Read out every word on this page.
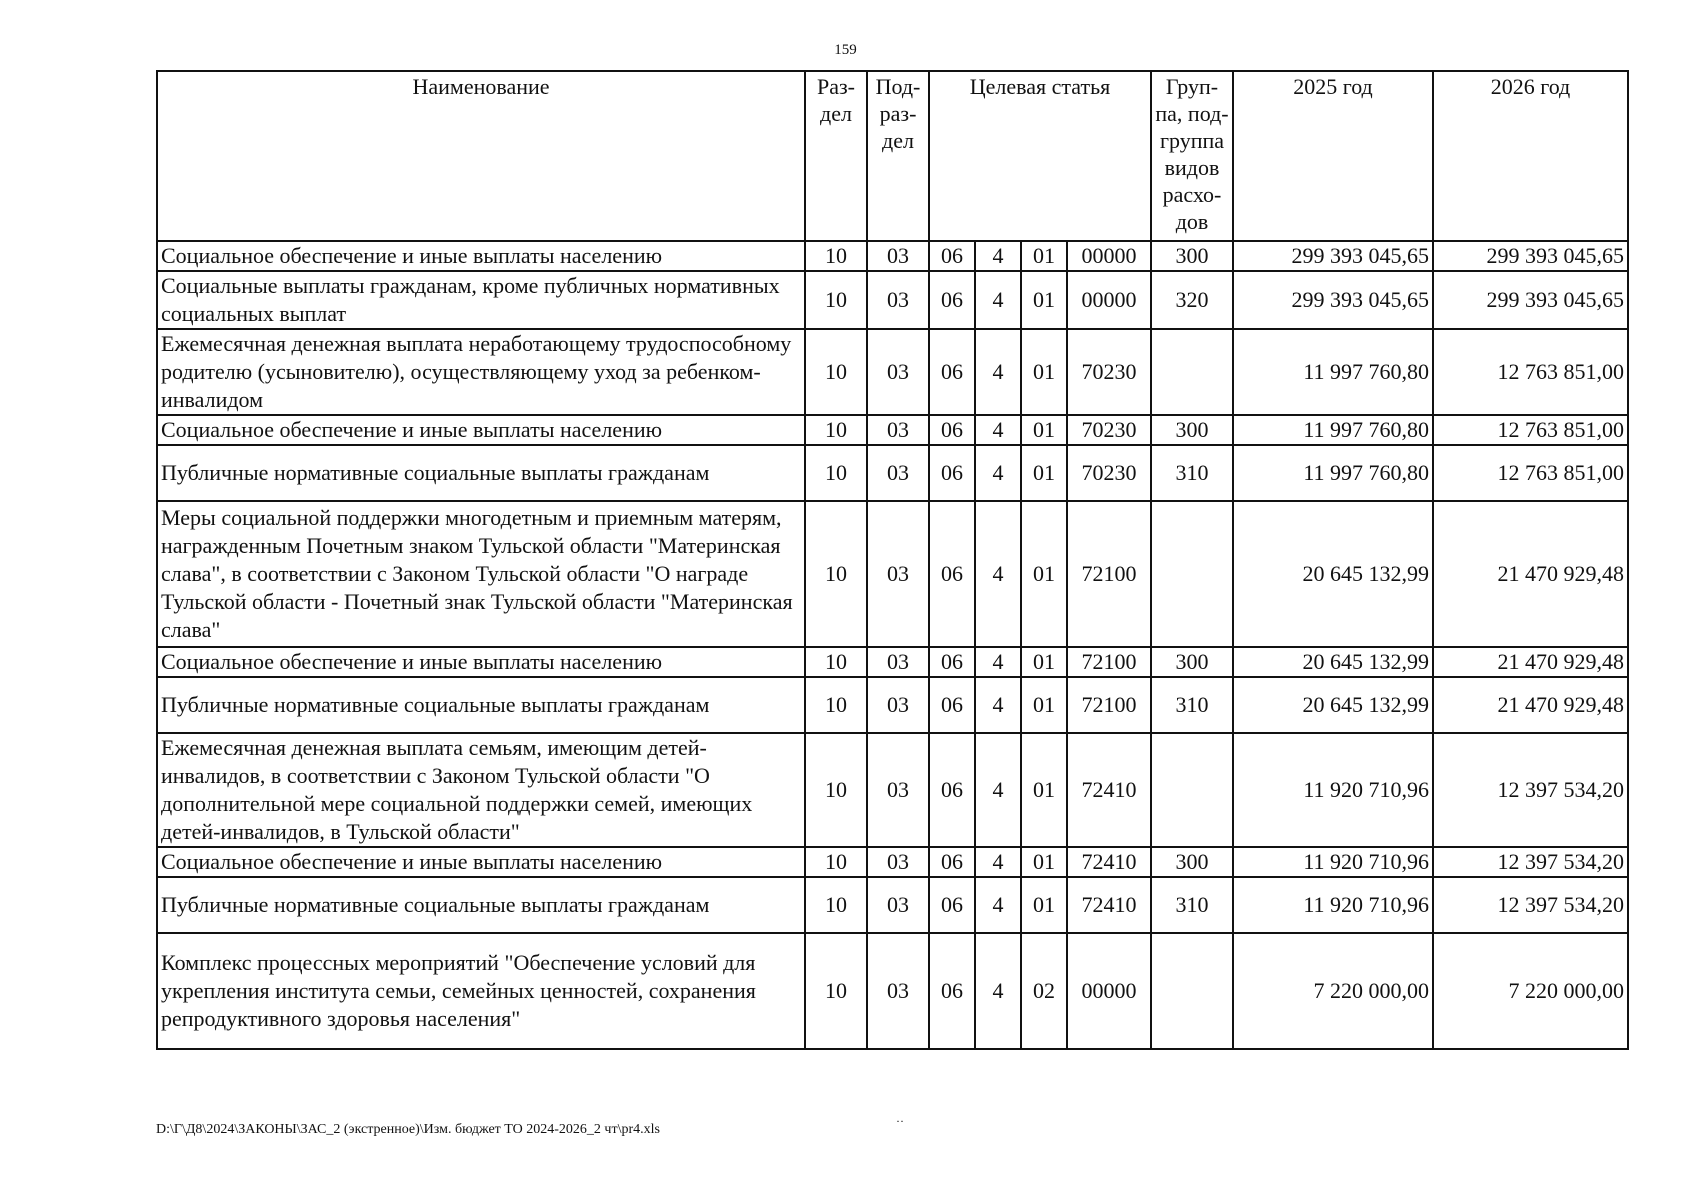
159
Наименование	Раз-дел	Под-раз-дел	Целевая статья				Груп-па, под-группа видов расхо-дов	2025 год	2026 год
Социальное обеспечение и иные выплаты населению	10	03	06	4	01	00000	300	299 393 045,65	299 393 045,65
Социальные выплаты гражданам, кроме публичных нормативных социальных выплат	10	03	06	4	01	00000	320	299 393 045,65	299 393 045,65
Ежемесячная денежная выплата неработающему трудоспособному родителю (усыновителю), осуществляющему уход за ребенком-инвалидом	10	03	06	4	01	70230		11 997 760,80	12 763 851,00
Социальное обеспечение и иные выплаты населению	10	03	06	4	01	70230	300	11 997 760,80	12 763 851,00
Публичные нормативные социальные выплаты гражданам	10	03	06	4	01	70230	310	11 997 760,80	12 763 851,00
Меры социальной поддержки многодетным и приемным матерям, награжденным Почетным знаком Тульской области "Материнская слава", в соответствии с Законом Тульской области "О награде Тульской области - Почетный знак Тульской области "Материнская слава"	10	03	06	4	01	72100		20 645 132,99	21 470 929,48
Социальное обеспечение и иные выплаты населению	10	03	06	4	01	72100	300	20 645 132,99	21 470 929,48
Публичные нормативные социальные выплаты гражданам	10	03	06	4	01	72100	310	20 645 132,99	21 470 929,48
Ежемесячная денежная выплата семьям, имеющим детей-инвалидов, в соответствии с Законом Тульской области "О дополнительной мере социальной поддержки семей, имеющих детей-инвалидов, в Тульской области"	10	03	06	4	01	72410		11 920 710,96	12 397 534,20
Социальное обеспечение и иные выплаты населению	10	03	06	4	01	72410	300	11 920 710,96	12 397 534,20
Публичные нормативные социальные выплаты гражданам	10	03	06	4	01	72410	310	11 920 710,96	12 397 534,20
Комплекс процессных мероприятий "Обеспечение условий для укрепления института семьи, семейных ценностей, сохранения репродуктивного здоровья населения"	10	03	06	4	02	00000		7 220 000,00	7 220 000,00
D:\Г\Д8\2024\ЗАКОНЫ\ЗАС_2 (экстренное)\Изм. бюджет ТО 2024-2026_2 чт\pr4.xls
··
